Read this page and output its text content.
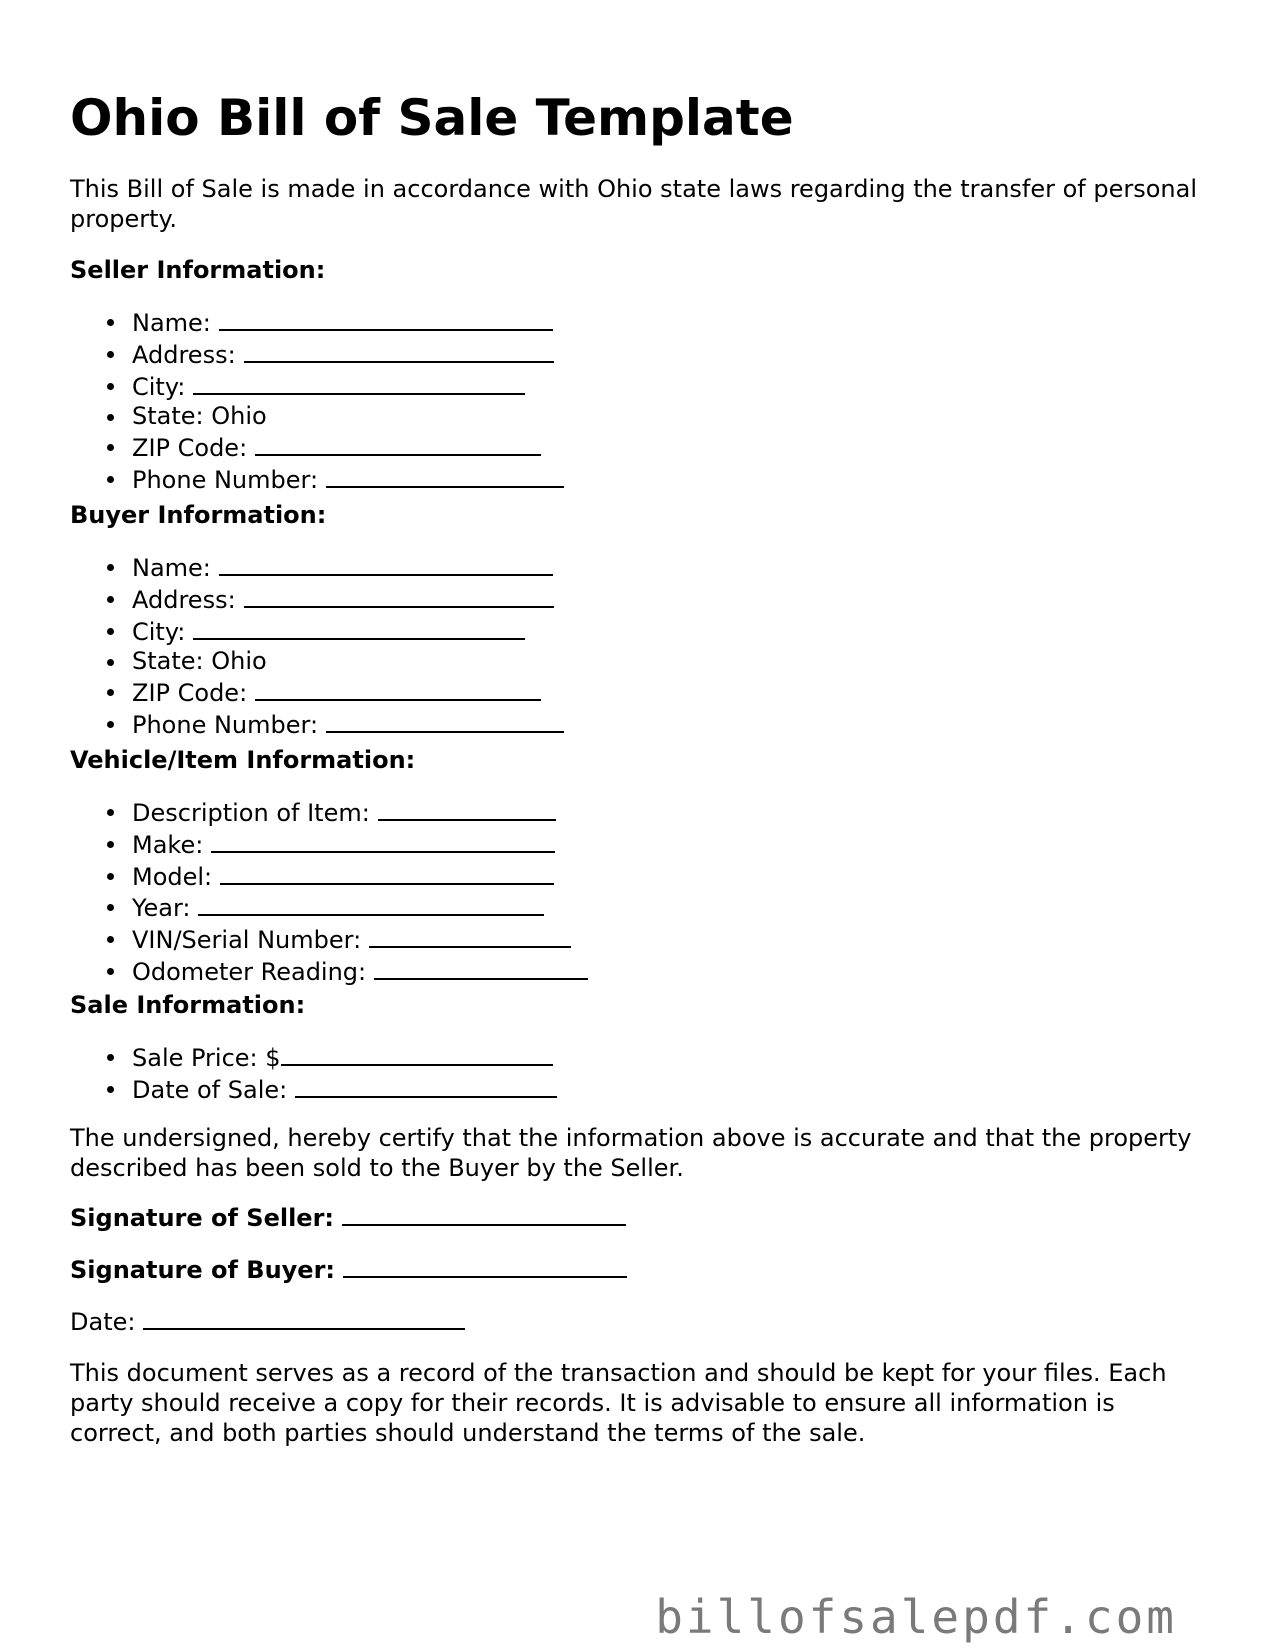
Ohio Bill of Sale Template

This Bill of Sale is made in accordance with Ohio state laws regarding the transfer of personal property.

Seller Information:
Name:
Address:
City:
State: Ohio
ZIP Code:
Phone Number:
Buyer Information:
Name:
Address:
City:
State: Ohio
ZIP Code:
Phone Number:
Vehicle/Item Information:
Description of Item:
Make:
Model:
Year:
VIN/Serial Number:
Odometer Reading:
Sale Information:
Sale Price: $
Date of Sale:

The undersigned, hereby certify that the information above is accurate and that the property described has been sold to the Buyer by the Seller.

Signature of Seller:
Signature of Buyer:
Date:

This document serves as a record of the transaction and should be kept for your files. Each party should receive a copy for their records. It is advisable to ensure all information is correct, and both parties should understand the terms of the sale.

billofsalepdf.com
